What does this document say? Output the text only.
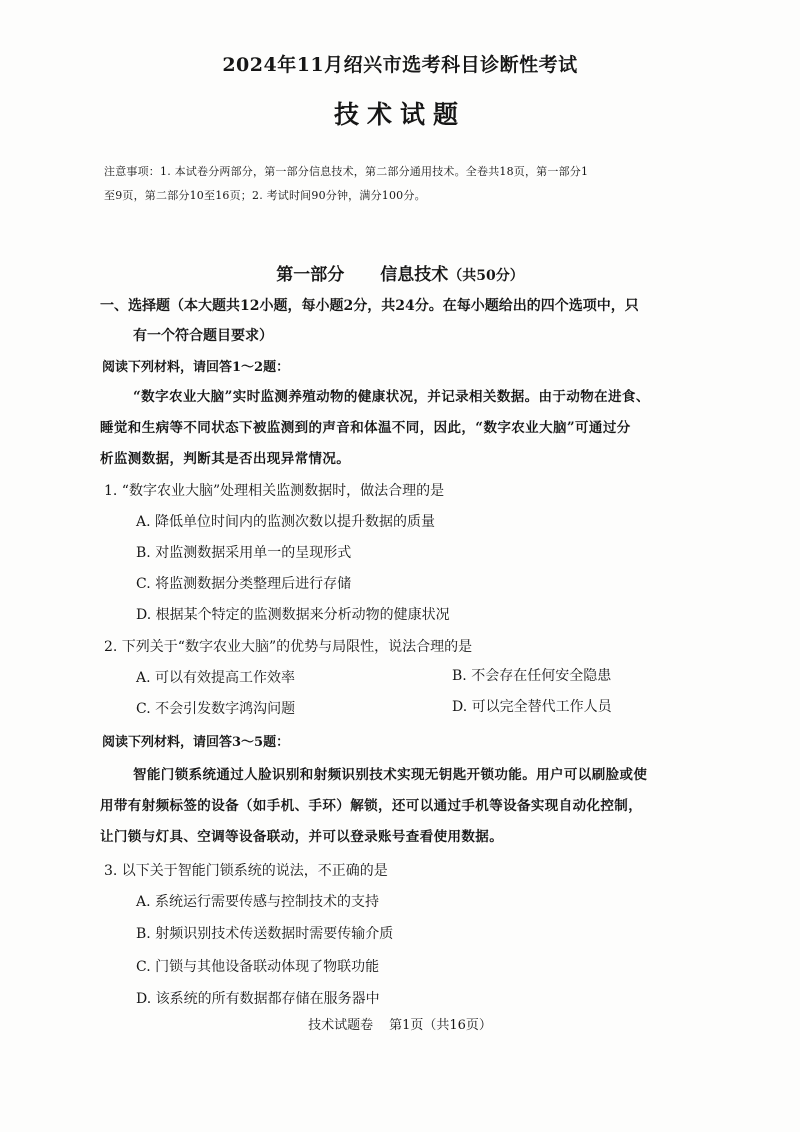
2024年11月绍兴市选考科目诊断性考试
技术试题
注意事项：1. 本试卷分两部分，第一部分信息技术，第二部分通用技术。全卷共18页，第一部分1
至9页，第二部分10至16页；2. 考试时间90分钟，满分100分。
第一部分 信息技术（共50分）
一、选择题（本大题共12小题，每小题2分，共24分。在每小题给出的四个选项中，只
有一个符合题目要求）
阅读下列材料，请回答1～2题：
“数字农业大脑”实时监测养殖动物的健康状况，并记录相关数据。由于动物在进食、
睡觉和生病等不同状态下被监测到的声音和体温不同，因此，“数字农业大脑”可通过分
析监测数据，判断其是否出现异常情况。
1. “数字农业大脑”处理相关监测数据时，做法合理的是
A. 降低单位时间内的监测次数以提升数据的质量
B. 对监测数据采用单一的呈现形式
C. 将监测数据分类整理后进行存储
D. 根据某个特定的监测数据来分析动物的健康状况
2. 下列关于“数字农业大脑”的优势与局限性，说法合理的是
A. 可以有效提高工作效率	B. 不会存在任何安全隐患
C. 不会引发数字鸿沟问题	D. 可以完全替代工作人员
阅读下列材料，请回答3～5题：
智能门锁系统通过人脸识别和射频识别技术实现无钥匙开锁功能。用户可以刷脸或使
用带有射频标签的设备（如手机、手环）解锁，还可以通过手机等设备实现自动化控制，
让门锁与灯具、空调等设备联动，并可以登录账号查看使用数据。
3. 以下关于智能门锁系统的说法，不正确的是
A. 系统运行需要传感与控制技术的支持
B. 射频识别技术传送数据时需要传输介质
C. 门锁与其他设备联动体现了物联功能
D. 该系统的所有数据都存储在服务器中
技术试题卷 第1页（共16页）
